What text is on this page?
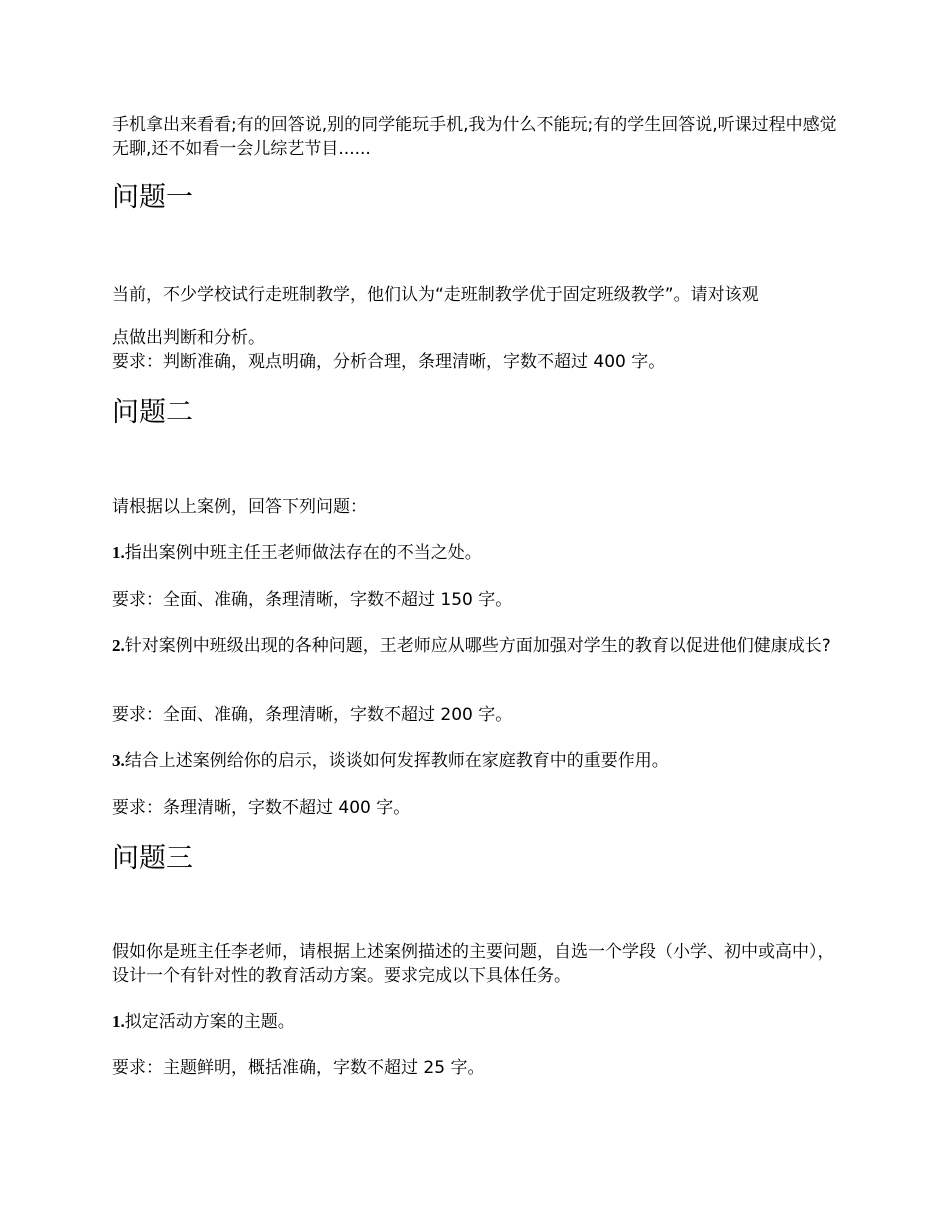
手机拿出来看看;有的回答说,别的同学能玩手机,我为什么不能玩;有的学生回答说,听课过程中感觉无聊,还不如看一会儿综艺节目......

问题一

当前，不少学校试行走班制教学，他们认为“走班制教学优于固定班级教学”。请对该观

点做出判断和分析。

要求：判断准确，观点明确，分析合理，条理清晰，字数不超过 400 字。

问题二

请根据以上案例，回答下列问题：

1.指出案例中班主任王老师做法存在的不当之处。

要求：全面、准确，条理清晰，字数不超过 150 字。

2.针对案例中班级出现的各种问题，王老师应从哪些方面加强对学生的教育以促进他们健康成长?

要求：全面、准确，条理清晰，字数不超过 200 字。

3.结合上述案例给你的启示，谈谈如何发挥教师在家庭教育中的重要作用。

要求：条理清晰，字数不超过 400 字。

问题三

假如你是班主任李老师，请根据上述案例描述的主要问题，自选一个学段（小学、初中或高中），设计一个有针对性的教育活动方案。要求完成以下具体任务。

1.拟定活动方案的主题。

要求：主题鲜明，概括准确，字数不超过 25 字。
